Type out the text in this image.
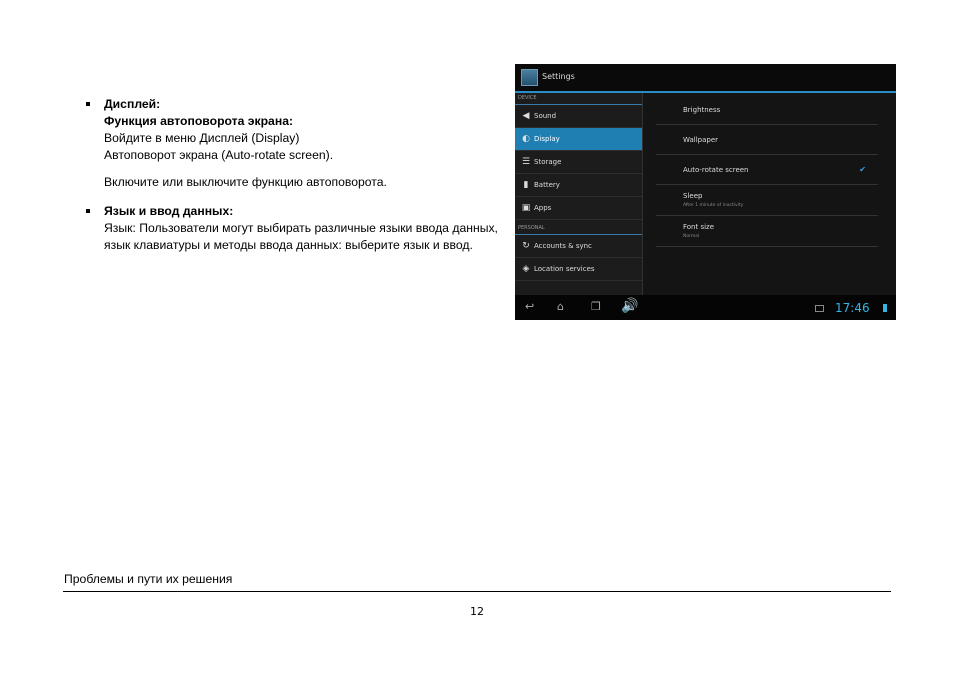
Дисплей:
Функция автоповорота экрана:
Войдите в меню Дисплей (Display)
Автоповорот экрана (Auto-rotate screen).
Включите или выключите функцию автоповорота.
Язык и ввод данных:
Язык: Пользователи могут выбирать различные языки ввода данных, язык клавиатуры и методы ввода данных: выберите язык и ввод.
Settings
DEVICE
◀ Sound
◐ Display
☰ Storage
▮ Battery
▣ Apps
PERSONAL
↻ Accounts & sync
◈ Location services
Brightness
Wallpaper
Auto-rotate screen	✔
Sleep
After 1 minute of inactivity
Font size
Normal
↩ ⌂ ❐ 🔊	17:46
Проблемы и пути их решения
12
